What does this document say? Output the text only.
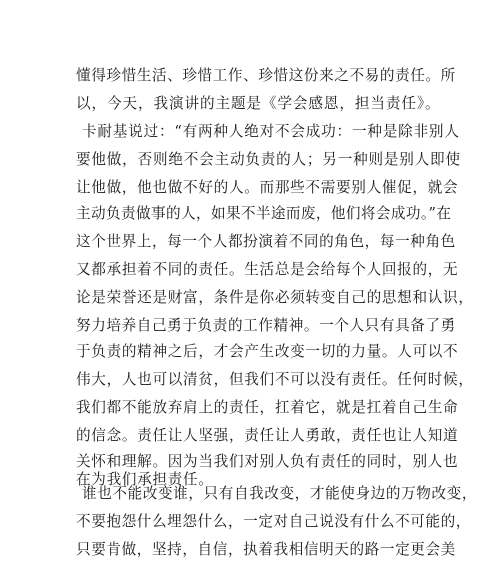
懂得珍惜生活、珍惜工作、珍惜这份来之不易的责任。所
以，今天，我演讲的主题是《学会感恩，担当责任》。
卡耐基说过：“有两种人绝对不会成功：一种是除非别人
要他做，否则绝不会主动负责的人；另一种则是别人即使
让他做，他也做不好的人。而那些不需要别人催促，就会
主动负责做事的人，如果不半途而废，他们将会成功。”在
这个世界上，每一个人都扮演着不同的角色，每一种角色
又都承担着不同的责任。生活总是会给每个人回报的，无
论是荣誉还是财富，条件是你必须转变自己的思想和认识，
努力培养自己勇于负责的工作精神。一个人只有具备了勇
于负责的精神之后，才会产生改变一切的力量。人可以不
伟大，人也可以清贫，但我们不可以没有责任。任何时候，
我们都不能放弃肩上的责任，扛着它，就是扛着自己生命
的信念。责任让人坚强，责任让人勇敢，责任也让人知道
关怀和理解。因为当我们对别人负有责任的同时，别人也
谁也不能改变谁，只有自我改变，才能使身边的万物改变，
不要抱怨什么埋怨什么，一定对自己说没有什么不可能的，
只要肯做，坚持，自信，执着我相信明天的路一定更会美
在为我们承担责任。
